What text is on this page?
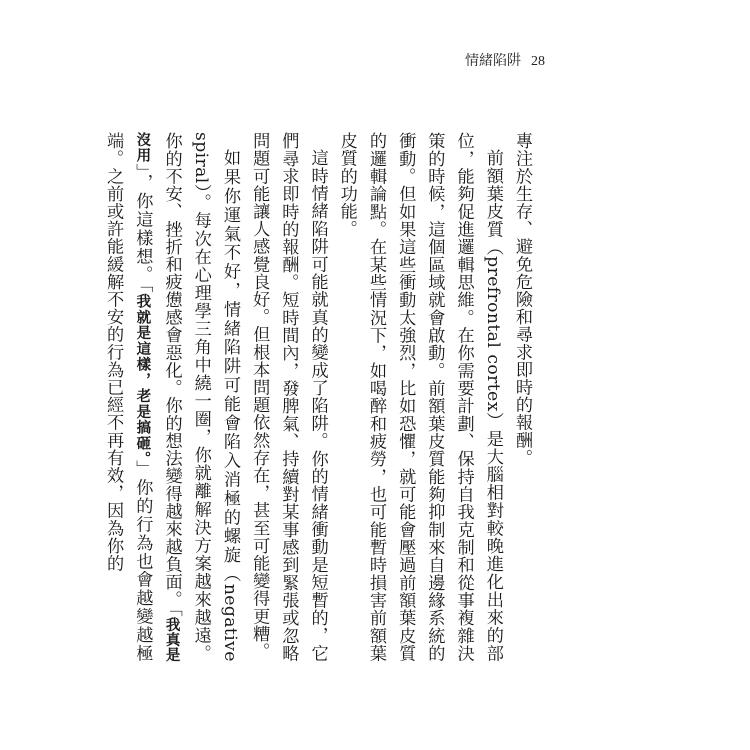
情緒陷阱 28

專注於生存、避免危險和尋求即時的報酬。

前額葉皮質（prefrontal cortex）是大腦相對較晚進化出來的部位，能夠促進邏輯思維。在你需要計劃、保持自我克制和從事複雜決策的時候，這個區域就會啟動。前額葉皮質能夠抑制來自邊緣系統的衝動。但如果這些衝動太強烈，比如恐懼，就可能會壓過前額葉皮質的邏輯論點。在某些情況下，如喝醉和疲勞，也可能暫時損害前額葉皮質的功能。

這時情緒陷阱可能就真的變成了陷阱。你的情緒衝動是短暫的，它們尋求即時的報酬。短時間內，發脾氣、持續對某事感到緊張或忽略問題可能讓人感覺良好。但根本問題依然存在，甚至可能變得更糟。

如果你運氣不好，情緒陷阱可能會陷入消極的螺旋（negative spiral）。每次在心理學三角中繞一圈，你就離解決方案越來越遠。你的不安、挫折和疲憊感會惡化。你的想法變得越來越負面。「我真是沒用」，你這樣想。「我就是這樣，老是搞砸。」你的行為也會越變越極端。之前或許能緩解不安的行為已經不再有效，因為你的
